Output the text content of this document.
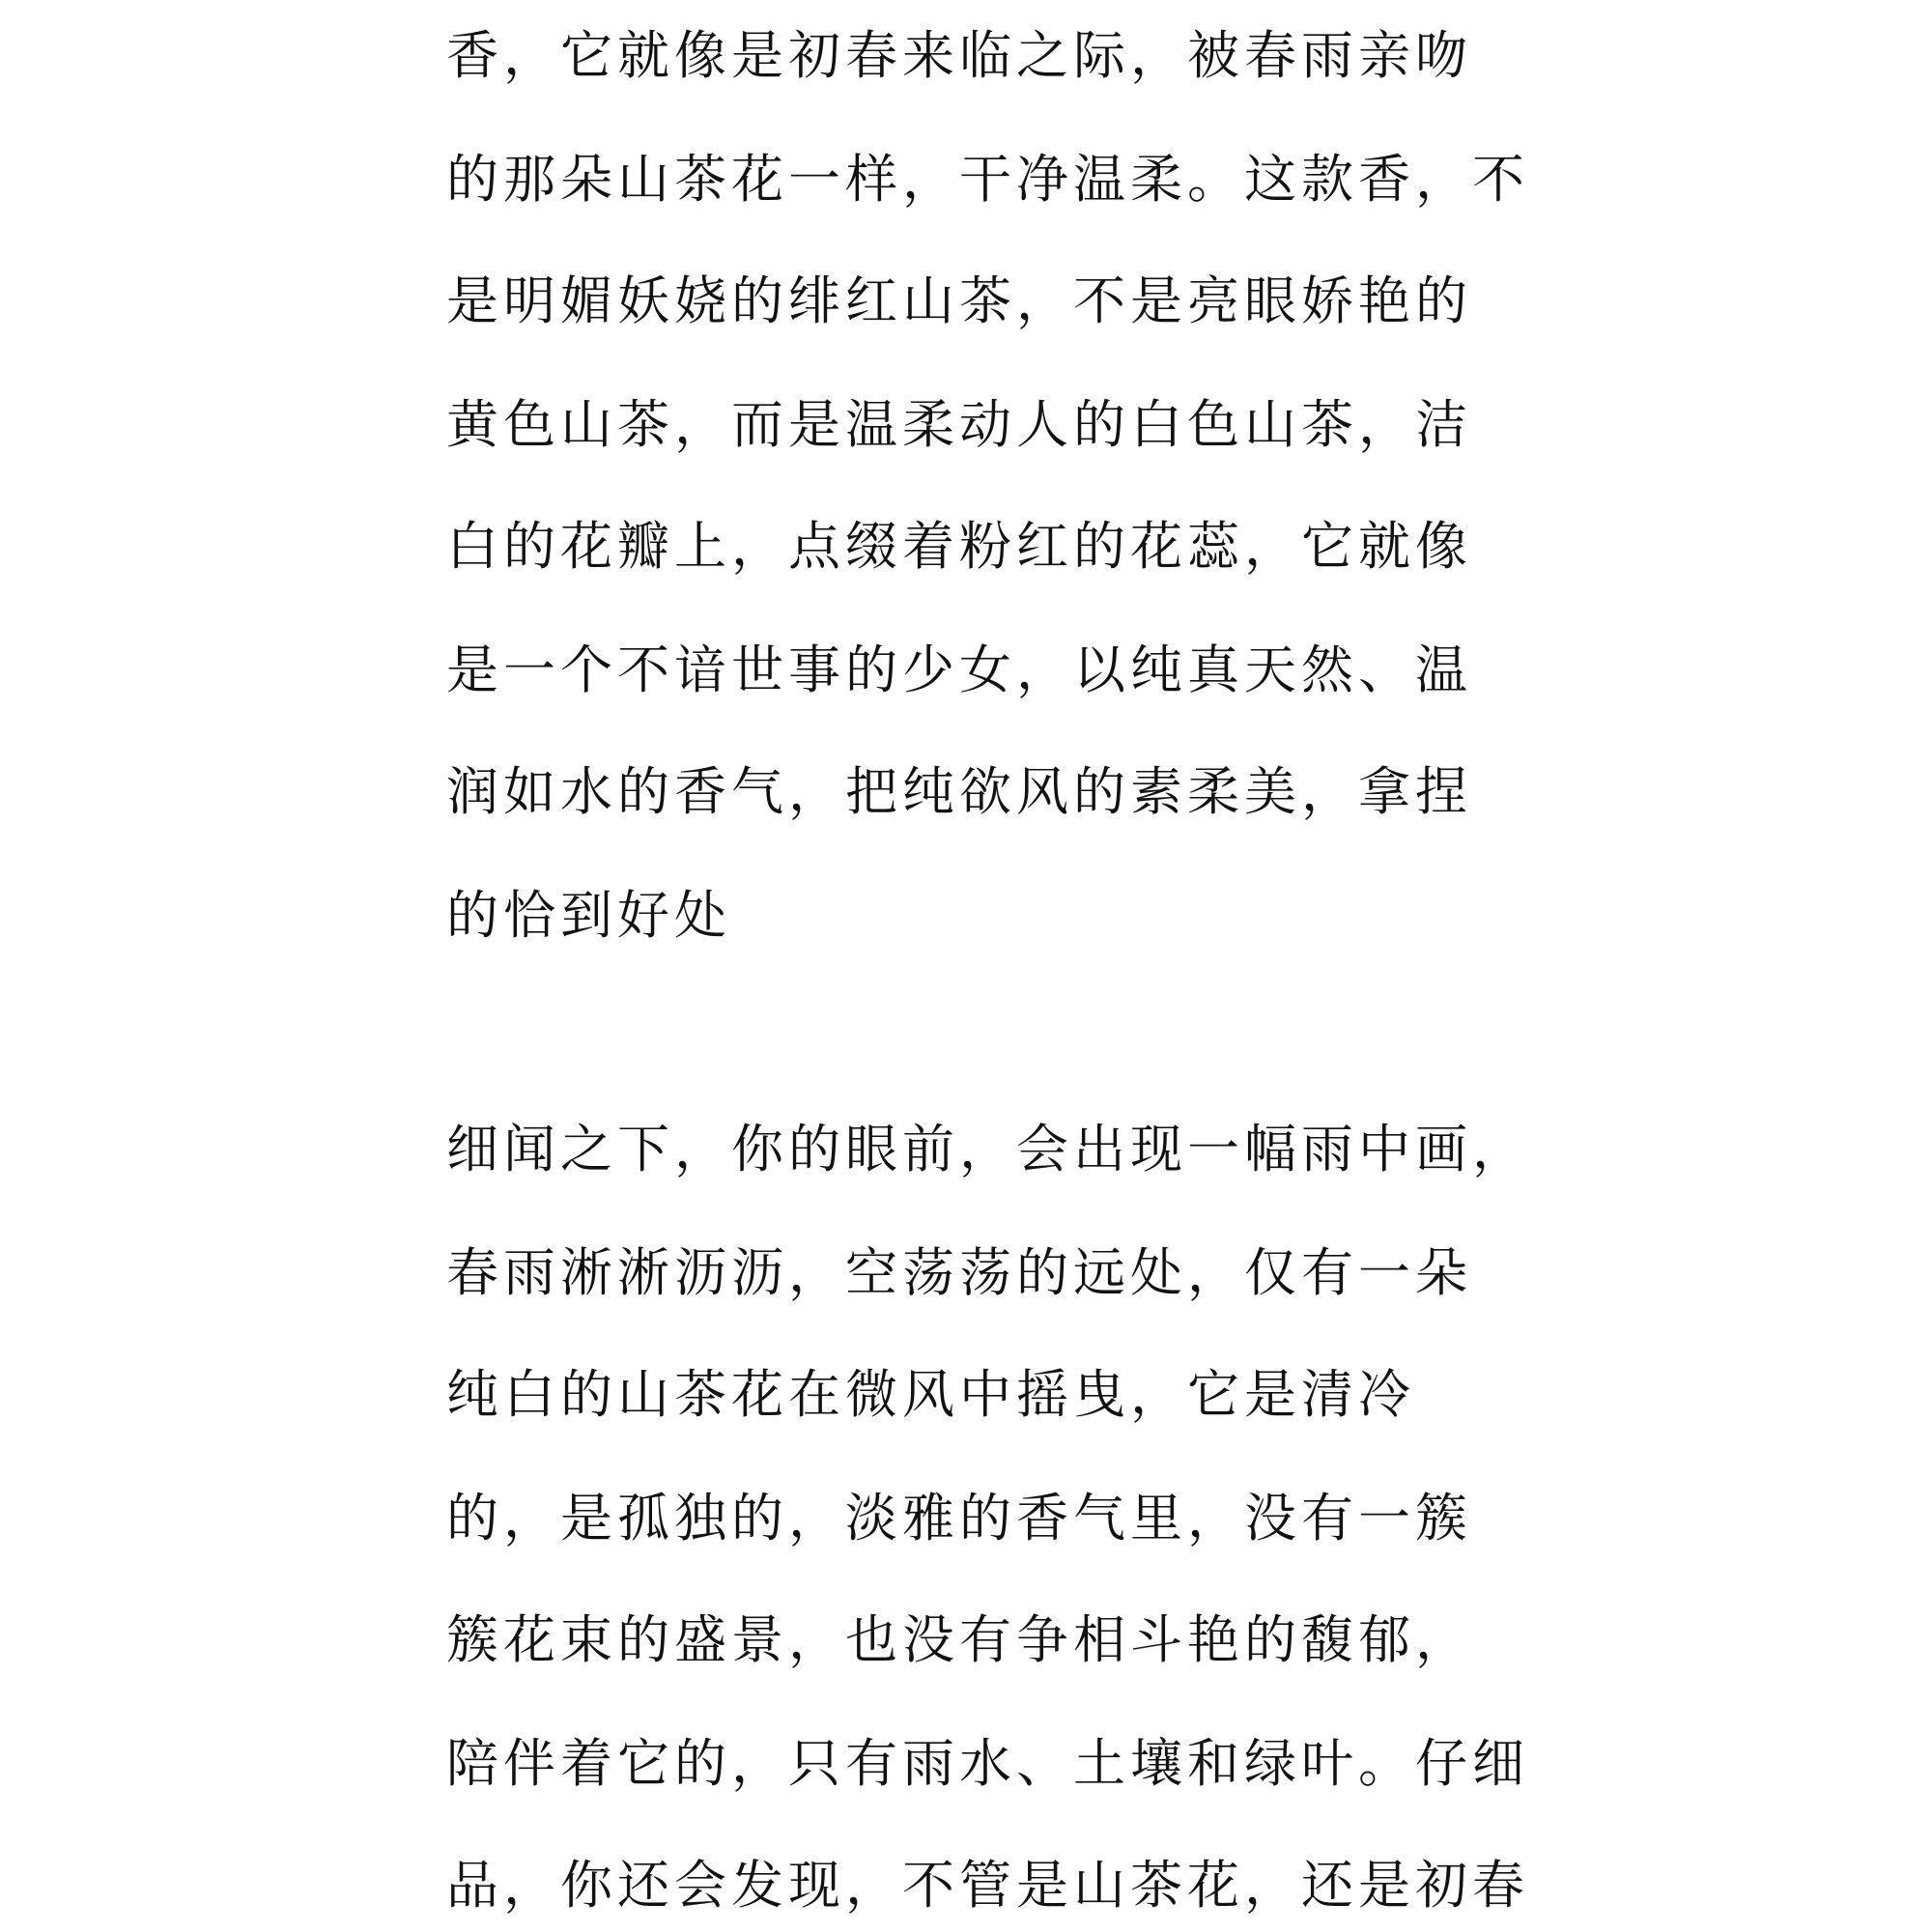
香，它就像是初春来临之际，被春雨亲吻
的那朵山茶花一样，干净温柔。这款香，不
是明媚妖娆的绯红山茶，不是亮眼娇艳的
黄色山茶，而是温柔动人的白色山茶，洁
白的花瓣上，点缀着粉红的花蕊，它就像
是一个不谙世事的少女，以纯真天然、温
润如水的香气，把纯欲风的素柔美，拿捏
的恰到好处
细闻之下，你的眼前，会出现一幅雨中画，
春雨淅淅沥沥，空荡荡的远处，仅有一朵
纯白的山茶花在微风中摇曳，它是清冷
的，是孤独的，淡雅的香气里，没有一簇
簇花束的盛景，也没有争相斗艳的馥郁，
陪伴着它的，只有雨水、土壤和绿叶。仔细
品，你还会发现，不管是山茶花，还是初春
